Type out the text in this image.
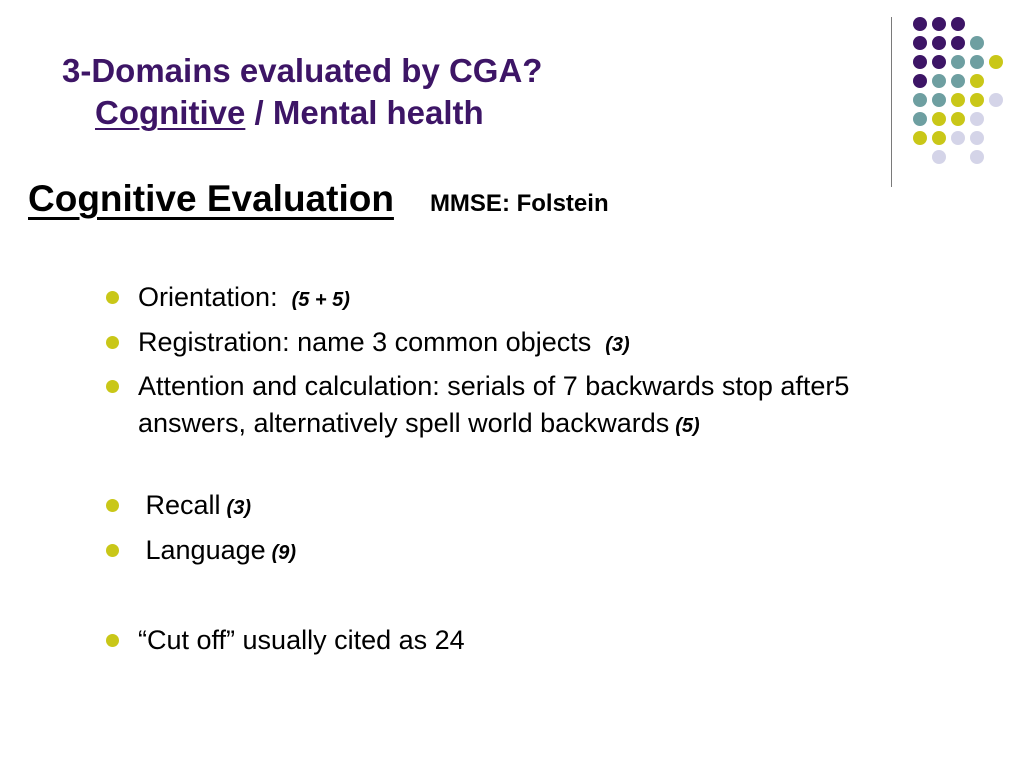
3-Domains evaluated by CGA?
Cognitive / Mental health
Cognitive Evaluation MMSE: Folstein
Orientation: (5 + 5)
Registration: name 3 common objects (3)
Attention and calculation: serials of 7 backwards stop after5 answers, alternatively spell world backwards (5)
Recall (3)
Language (9)
“Cut off” usually cited as 24
